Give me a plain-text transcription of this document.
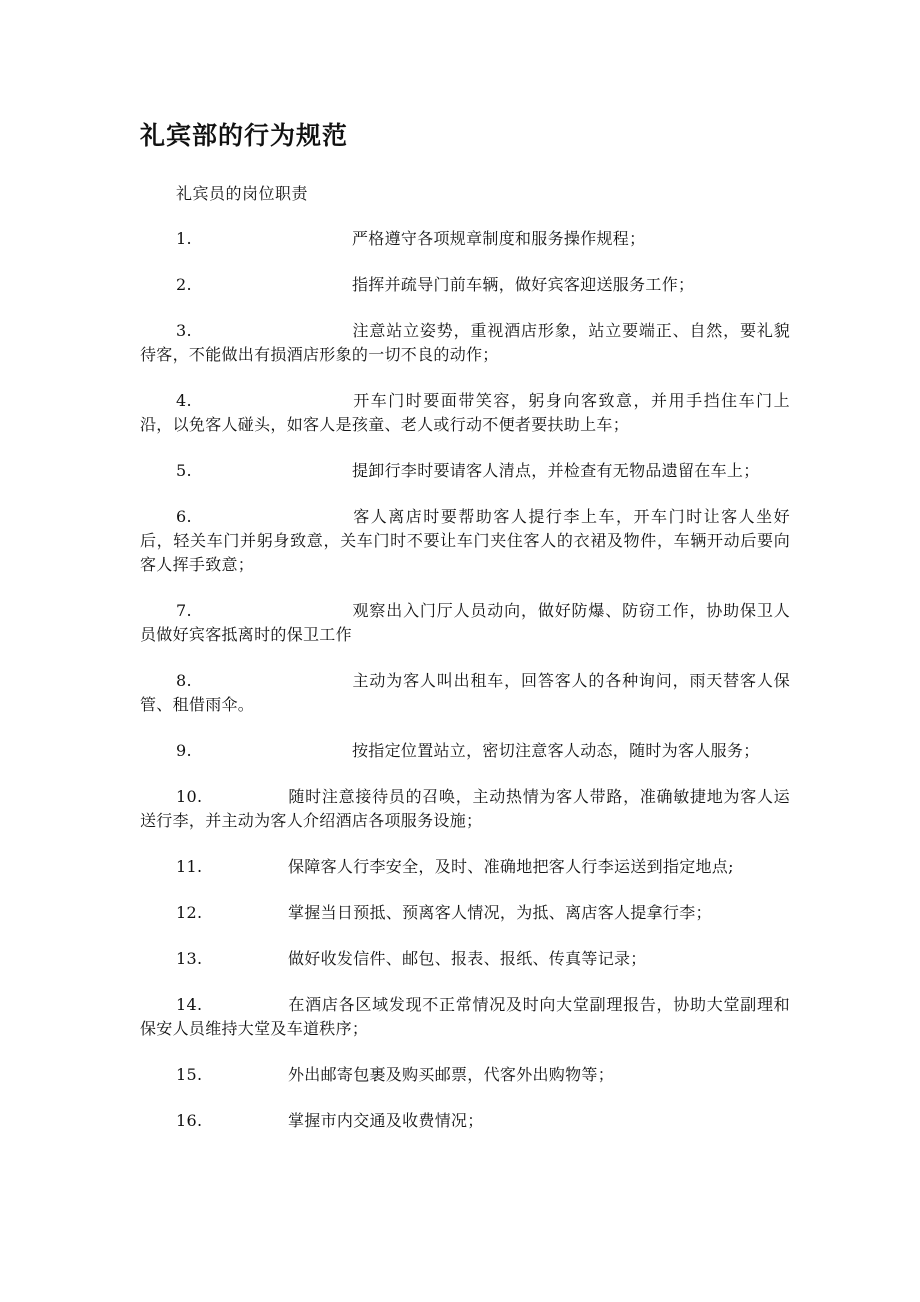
礼宾部的行为规范

礼宾员的岗位职责

1.	严格遵守各项规章制度和服务操作规程；
2.	指挥并疏导门前车辆，做好宾客迎送服务工作；
3.	注意站立姿势，重视酒店形象，站立要端正、自然，要礼貌待客，不能做出有损酒店形象的一切不良的动作；
4.	开车门时要面带笑容，躬身向客致意，并用手挡住车门上沿，以免客人碰头，如客人是孩童、老人或行动不便者要扶助上车；
5.	提卸行李时要请客人清点，并检查有无物品遗留在车上；
6.	客人离店时要帮助客人提行李上车，开车门时让客人坐好后，轻关车门并躬身致意，关车门时不要让车门夹住客人的衣裙及物件，车辆开动后要向客人挥手致意；
7.	观察出入门厅人员动向，做好防爆、防窃工作，协助保卫人员做好宾客抵离时的保卫工作
8.	主动为客人叫出租车，回答客人的各种询问，雨天替客人保管、租借雨伞。
9.	按指定位置站立，密切注意客人动态，随时为客人服务；
10.	随时注意接待员的召唤，主动热情为客人带路，准确敏捷地为客人运送行李，并主动为客人介绍酒店各项服务设施；
11.	保障客人行李安全，及时、准确地把客人行李运送到指定地点;
12.	掌握当日预抵、预离客人情况，为抵、离店客人提拿行李；
13.	做好收发信件、邮包、报表、报纸、传真等记录；
14.	在酒店各区域发现不正常情况及时向大堂副理报告，协助大堂副理和保安人员维持大堂及车道秩序；
15.	外出邮寄包裹及购买邮票，代客外出购物等；
16.	掌握市内交通及收费情况；
